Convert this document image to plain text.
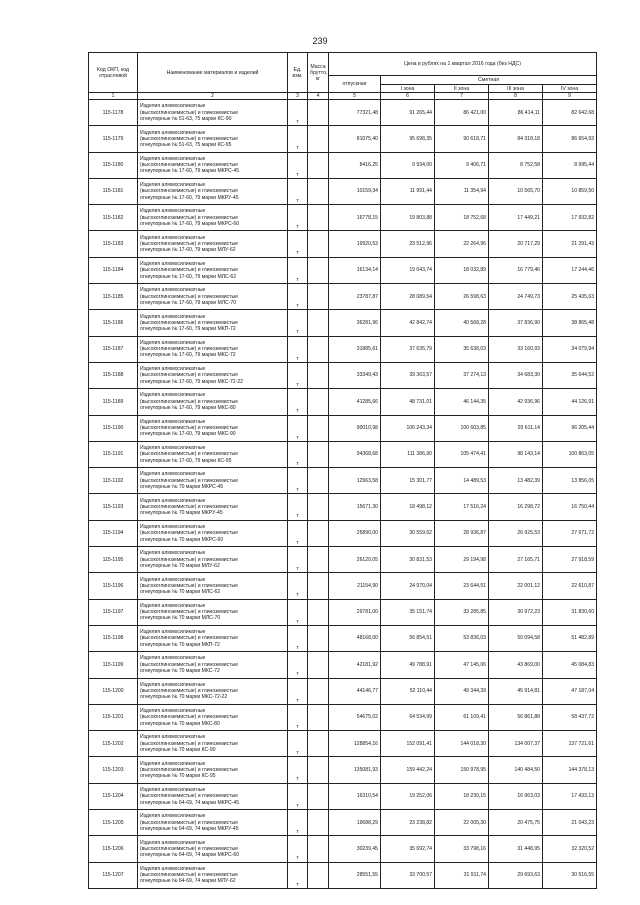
239
Код ОКП, код отраслевой	Наименование материалов и изделий	Ед. изм.	Масса брутто, кг	Цена в рублях на 1 квартал 2016 года (без НДС)				
				отпускная	Сметная			
					I зона	II зона	III зона	IV зона
1	2	3	4	5	6	7	8	9
115-1178	Изделия алюмосиликатные
(высокоглиноземистые) и глиноземистые
огнеупорные № 51-63, 75 марки КС-90	т		77321,48	91 265,44	86 421,00	86 414,11	82 642,68
115-1179	Изделия алюмосиликатные
(высокоглиноземистые) и глиноземистые
огнеупорные № 51-63, 75 марки КС-95	т		81075,40	95 698,35	90 618,71	84 318,18	86 654,93
115-1180	Изделия алюмосиликатные
(высокоглиноземистые) и глиноземистые
огнеупорные № 17-60, 79 марки МКРС-45	т		8416,25	9 934,00	9 406,71	8 752,58	8 995,44
115-1181	Изделия алюмосиликатные
(высокоглиноземистые) и глиноземистые
огнеупорные № 17-60, 79 марки МКРУ-45	т		10159,34	11 991,44	11 354,94	10 565,70	10 859,50
115-1182	Изделия алюмосиликатные
(высокоглиноземистые) и глиноземистые
огнеупорные № 17-60, 79 марки МКРС-60	т		16778,15	19 803,88	18 752,68	17 449,21	17 932,82
115-1183	Изделия алюмосиликатные
(высокоглиноземистые) и глиноземистые
огнеупорные № 17-60, 79 марки МЛУ-62	т		19920,53	23 512,96	22 264,96	20 717,29	21 291,43
115-1184	Изделия алюмосиликатные
(высокоглиноземистые) и глиноземистые
огнеупорные № 17-60, 79 марки МЛС-62	т		16134,14	19 043,74	18 032,89	16 779,46	17 244,46
115-1185	Изделия алюмосиликатные
(высокоглиноземистые) и глиноземистые
огнеупорные № 17-60, 79 марки МЛС-70	т		23787,87	28 089,54	26 598,63	24 749,73	25 435,63
115-1186	Изделия алюмосиликатные
(высокоглиноземистые) и глиноземистые
огнеупорные № 17-60, 79 марки МКП-72	т		36281,96	42 842,74	40 568,28	37 836,90	38 865,48
115-1187	Изделия алюмосиликатные
(высокоглиноземистые) и глиноземистые
огнеупорные № 17-60, 79 марки МКС-72	т		31885,61	37 635,79	35 638,03	33 160,93	34 079,94
115-1188	Изделия алюмосиликатные
(высокоглиноземистые) и глиноземистые
огнеупорные № 17-60, 79 марки МКС-72-22	т		33349,43	39 363,57	37 274,13	34 683,30	35 644,52
115-1189	Изделия алюмосиликатные
(высокоглиноземистые) и глиноземистые
огнеупорные № 17-60, 79 марки МКС-80	т		41285,66	48 731,01	46 144,35	42 936,96	44 126,91
115-1190	Изделия алюмосиликатные
(высокоглиноземистые) и глиноземистые
огнеупорные № 17-60, 79 марки МКС-90	т		90010,98	106 243,34	100 603,85	93 611,14	96 205,44
115-1191	Изделия алюмосиликатные
(высокоглиноземистые) и глиноземистые
огнеупорные № 17-60, 79 марки КС-95	т		94368,68	111 386,90	105 474,41	98 143,14	100 863,05
115-1192	Изделия алюмосиликатные
(высокоглиноземистые) и глиноземистые
огнеупорные № 70 марки МКРС-45	т		12963,58	15 301,77	14 489,53	13 482,39	13 856,05
115-1193	Изделия алюмосиликатные
(высокоглиноземистые) и глиноземистые
огнеупорные № 70 марки МКРУ-45	т		15671,30	18 498,12	17 516,24	16 298,72	16 750,44
115-1194	Изделия алюмосиликатные
(высокоглиноземистые) и глиноземистые
огнеупорные № 70 марки МКРС-60	т		25890,00	30 559,62	28 936,87	26 925,53	27 671,72
115-1195	Изделия алюмосиликатные
(высокоглиноземистые) и глиноземистые
огнеупорные № 70 марки МЛУ-62	т		26120,05	30 831,53	29 194,98	27 165,71	27 918,59
115-1196	Изделия алюмосиликатные
(высокоглиноземистые) и глиноземистые
огнеупорные № 70 марки МЛС-62	т		21154,90	24 970,04	23 644,51	22 001,12	22 610,87
115-1197	Изделия алюмосиликатные
(высокоглиноземистые) и глиноземистые
огнеупорные № 70 марки МЛС-70	т		29781,00	35 151,74	33 285,85	30 972,23	31 830,60
115-1198	Изделия алюмосиликатные
(высокоглиноземистые) и глиноземистые
огнеупорные № 70 марки МКП-72	т		48168,00	56 854,51	53 836,03	50 094,58	51 482,89
115-1199	Изделия алюмосиликатные
(высокоглиноземистые) и глиноземистые
огнеупорные № 70 марки МКС-72	т		42181,92	49 788,91	47 145,06	43 869,00	45 084,83
115-1200	Изделия алюмосиликатные
(высокоглиноземистые) и глиноземистые
огнеупорные № 70 марки МКС-72-22	т		44146,77	52 110,44	49 344,39	45 914,81	47 187,04
115-1201	Изделия алюмосиликатные
(высокоглиноземистые) и глиноземистые
огнеупорные № 70 марки МКС-80	т		54675,02	64 534,99	61 109,41	56 861,88	58 437,72
115-1202	Изделия алюмосиликатные
(высокоглиноземистые) и глиноземистые
огнеупорные № 70 марки КС-90	т		128854,16	152 091,41	144 018,30	134 007,37	137 721,61
115-1203	Изделия алюмосиликатные
(высокоглиноземистые) и глиноземистые
огнеупорные № 70 марки КС-95	т		135081,93	159 442,24	150 978,95	140 484,50	144 378,13
115-1204	Изделия алюмосиликатные
(высокоглиноземистые) и глиноземистые
огнеупорные № 64-69, 74 марки МКРС-45	т		16310,54	19 252,06	18 230,15	16 963,03	17 433,13
115-1205	Изделия алюмосиликатные
(высокоглиноземистые) и глиноземистые
огнеупорные № 64-69, 74 марки МКРУ-45	т		19688,29	23 238,82	22 005,30	20 475,75	21 043,23
115-1206	Изделия алюмосиликатные
(высокоглиноземистые) и глиноземистые
огнеупорные № 64-69, 74 марки МКРС-60	т		30239,45	35 692,74	33 798,16	31 448,95	32 320,52
115-1207	Изделия алюмосиликатные
(высокоглиноземистые) и глиноземистые
огнеупорные № 64-69, 74 марки МЛУ-62	т		28551,55	33 700,57	31 911,74	29 693,63	30 516,55
